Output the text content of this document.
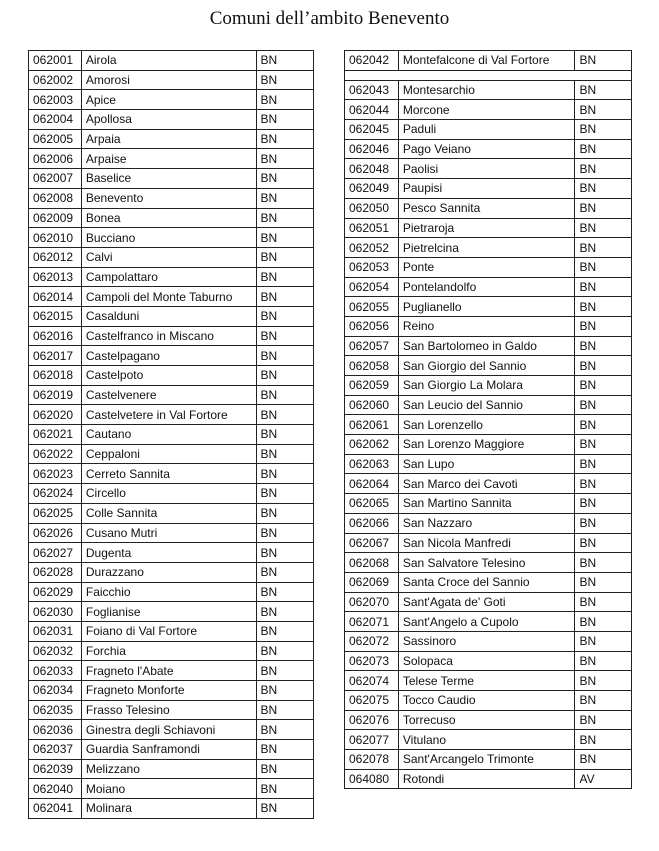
Comuni dell’ambito Benevento
062001	Airola	BN
062002	Amorosi	BN
062003	Apice	BN
062004	Apollosa	BN
062005	Arpaia	BN
062006	Arpaise	BN
062007	Baselice	BN
062008	Benevento	BN
062009	Bonea	BN
062010	Bucciano	BN
062012	Calvi	BN
062013	Campolattaro	BN
062014	Campoli del Monte Taburno	BN
062015	Casalduni	BN
062016	Castelfranco in Miscano	BN
062017	Castelpagano	BN
062018	Castelpoto	BN
062019	Castelvenere	BN
062020	Castelvetere in Val Fortore	BN
062021	Cautano	BN
062022	Ceppaloni	BN
062023	Cerreto Sannita	BN
062024	Circello	BN
062025	Colle Sannita	BN
062026	Cusano Mutri	BN
062027	Dugenta	BN
062028	Durazzano	BN
062029	Faicchio	BN
062030	Foglianise	BN
062031	Foiano di Val Fortore	BN
062032	Forchia	BN
062033	Fragneto l'Abate	BN
062034	Fragneto Monforte	BN
062035	Frasso Telesino	BN
062036	Ginestra degli Schiavoni	BN
062037	Guardia Sanframondi	BN
062039	Melizzano	BN
062040	Moiano	BN
062041	Molinara	BN
062042	Montefalcone di Val Fortore	BN

062043	Montesarchio	BN
062044	Morcone	BN
062045	Paduli	BN
062046	Pago Veiano	BN
062048	Paolisi	BN
062049	Paupisi	BN
062050	Pesco Sannita	BN
062051	Pietraroja	BN
062052	Pietrelcina	BN
062053	Ponte	BN
062054	Pontelandolfo	BN
062055	Puglianello	BN
062056	Reino	BN
062057	San Bartolomeo in Galdo	BN
062058	San Giorgio del Sannio	BN
062059	San Giorgio La Molara	BN
062060	San Leucio del Sannio	BN
062061	San Lorenzello	BN
062062	San Lorenzo Maggiore	BN
062063	San Lupo	BN
062064	San Marco dei Cavoti	BN
062065	San Martino Sannita	BN
062066	San Nazzaro	BN
062067	San Nicola Manfredi	BN
062068	San Salvatore Telesino	BN
062069	Santa Croce del Sannio	BN
062070	Sant'Agata de' Goti	BN
062071	Sant'Angelo a Cupolo	BN
062072	Sassinoro	BN
062073	Solopaca	BN
062074	Telese Terme	BN
062075	Tocco Caudio	BN
062076	Torrecuso	BN
062077	Vitulano	BN
062078	Sant'Arcangelo Trimonte	BN
064080	Rotondi	AV
